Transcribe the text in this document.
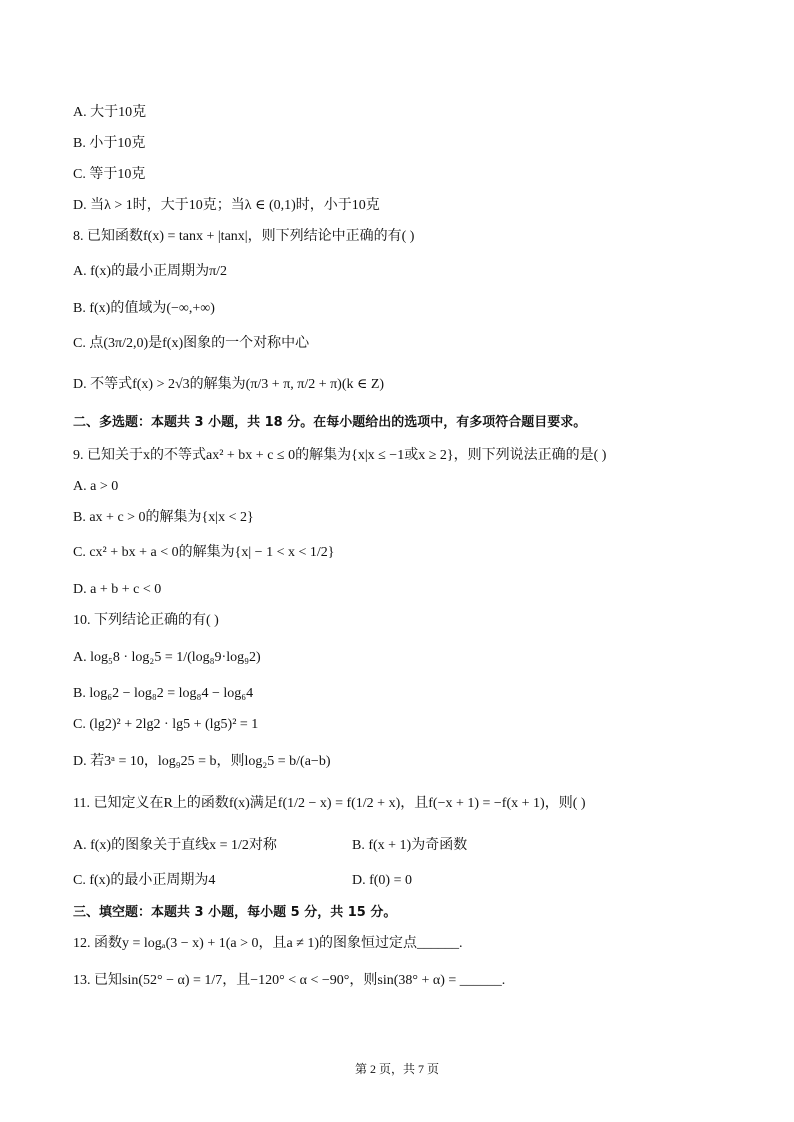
A. 大于10克
B. 小于10克
C. 等于10克
D. 当λ > 1时，大于10克；当λ ∈ (0,1)时，小于10克
8. 已知函数f(x) = tanx + |tanx|，则下列结论中正确的有( )
A. f(x)的最小正周期为π/2
B. f(x)的值域为(−∞,+∞)
C. 点(3π/2,0)是f(x)图象的一个对称中心
D. 不等式f(x) > 2√3的解集为(π/3 + π, π/2 + π)(k ∈ Z)
二、多选题：本题共 3 小题，共 18 分。在每小题给出的选项中，有多项符合题目要求。
9. 已知关于x的不等式ax² + bx + c ≤ 0的解集为{x|x ≤ −1或x ≥ 2}，则下列说法正确的是( )
A. a > 0
B. ax + c > 0的解集为{x|x < 2}
C. cx² + bx + a < 0的解集为{x| − 1 < x < 1/2}
D. a + b + c < 0
10. 下列结论正确的有( )
A. log₅8 · log₂5 = 1/(log₈9·log₉2)
B. log₆2 − log₈2 = log₈4 − log₆4
C. (lg2)² + 2lg2 · lg5 + (lg5)² = 1
D. 若3ᵃ = 10，log₉25 = b，则log₂5 = b/(a−b)
11. 已知定义在R上的函数f(x)满足f(1/2 − x) = f(1/2 + x)，且f(−x + 1) = −f(x + 1)，则( )
A. f(x)的图象关于直线x = 1/2对称	B. f(x + 1)为奇函数
C. f(x)的最小正周期为4	D. f(0) = 0
三、填空题：本题共 3 小题，每小题 5 分，共 15 分。
12. 函数y = logₐ(3 − x) + 1(a > 0，且a ≠ 1)的图象恒过定点______.
13. 已知sin(52° − α) = 1/7，且−120° < α < −90°，则sin(38° + α) = ______.
第 2 页，共 7 页
